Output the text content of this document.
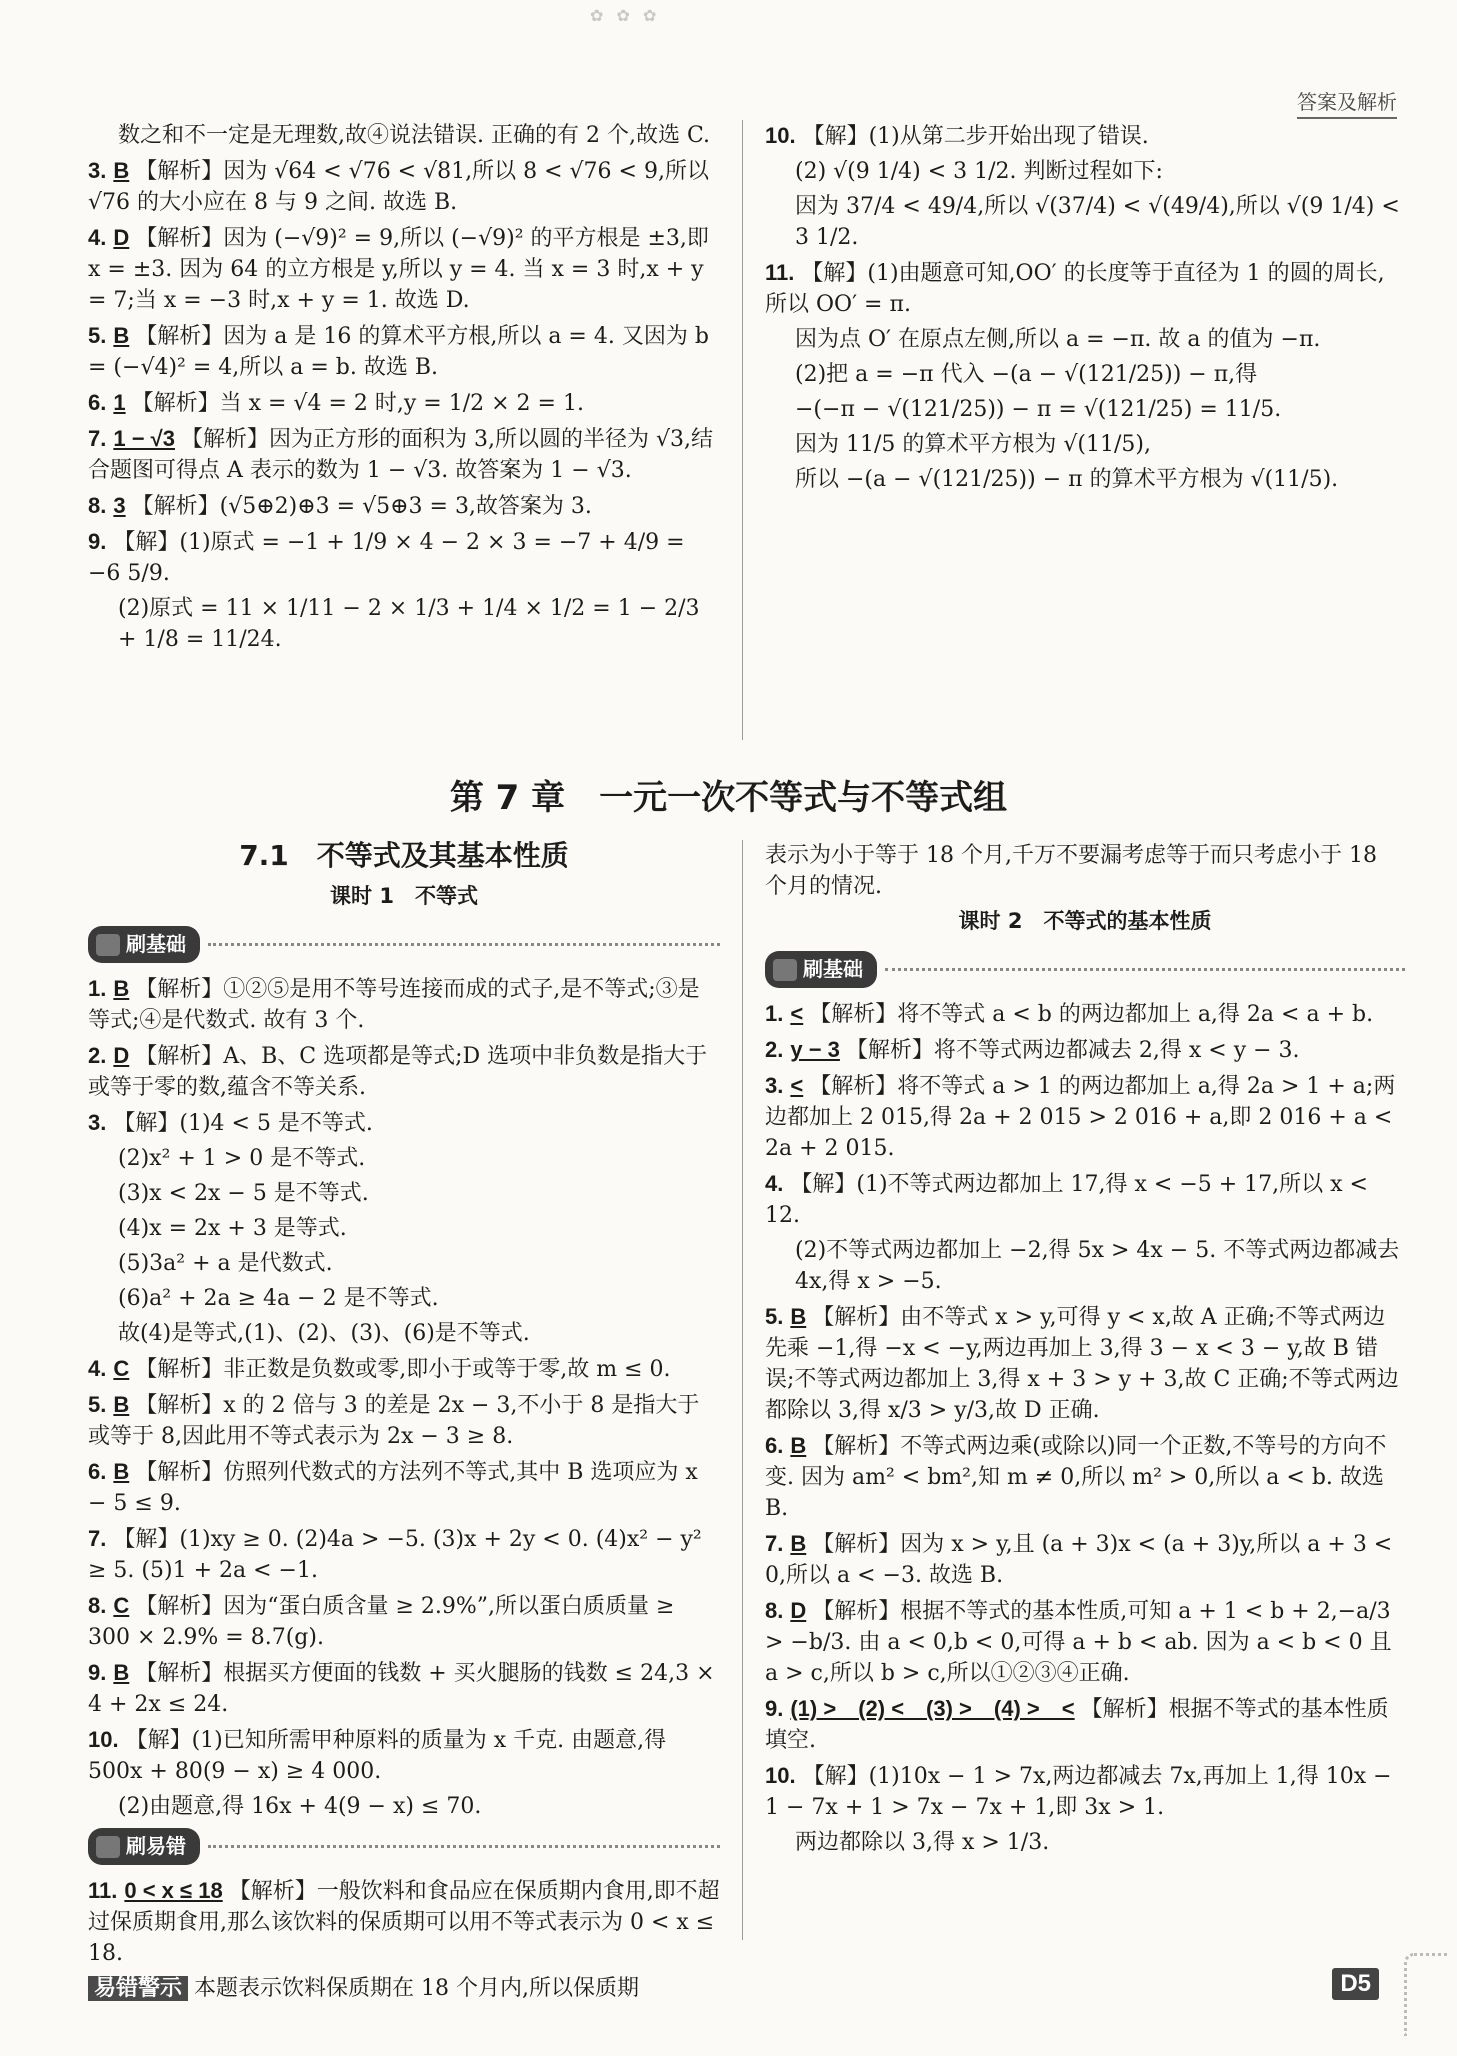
✿ ✿ ✿
答案及解析
数之和不一定是无理数,故④说法错误. 正确的有 2 个,故选 C.
3. B 【解析】因为 √64 < √76 < √81,所以 8 < √76 < 9,所以 √76 的大小应在 8 与 9 之间. 故选 B.
4. D 【解析】因为 (−√9)² = 9,所以 (−√9)² 的平方根是 ±3,即 x = ±3. 因为 64 的立方根是 y,所以 y = 4. 当 x = 3 时,x + y = 7;当 x = −3 时,x + y = 1. 故选 D.
5. B 【解析】因为 a 是 16 的算术平方根,所以 a = 4. 又因为 b = (−√4)² = 4,所以 a = b. 故选 B.
6. 1 【解析】当 x = √4 = 2 时,y = 1/2 × 2 = 1.
7. 1 − √3 【解析】因为正方形的面积为 3,所以圆的半径为 √3,结合题图可得点 A 表示的数为 1 − √3. 故答案为 1 − √3.
8. 3 【解析】(√5⊕2)⊕3 = √5⊕3 = 3,故答案为 3.
9. 【解】(1)原式 = −1 + 1/9 × 4 − 2 × 3 = −7 + 4/9 = −6 5/9.
(2)原式 = 11 × 1/11 − 2 × 1/3 + 1/4 × 1/2 = 1 − 2/3 + 1/8 = 11/24.
10. 【解】(1)从第二步开始出现了错误.
(2) √(9 1/4) < 3 1/2. 判断过程如下:
因为 37/4 < 49/4,所以 √(37/4) < √(49/4),所以 √(9 1/4) < 3 1/2.
11. 【解】(1)由题意可知,OO′ 的长度等于直径为 1 的圆的周长,所以 OO′ = π.
因为点 O′ 在原点左侧,所以 a = −π. 故 a 的值为 −π.
(2)把 a = −π 代入 −(a − √(121/25)) − π,得
−(−π − √(121/25)) − π = √(121/25) = 11/5.
因为 11/5 的算术平方根为 √(11/5),
所以 −(a − √(121/25)) − π 的算术平方根为 √(11/5).
第 7 章　一元一次不等式与不等式组
7.1　不等式及其基本性质
课时 1　不等式
刷基础
1. B 【解析】①②⑤是用不等号连接而成的式子,是不等式;③是等式;④是代数式. 故有 3 个.
2. D 【解析】A、B、C 选项都是等式;D 选项中非负数是指大于或等于零的数,蕴含不等关系.
3. 【解】(1)4 < 5 是不等式.
(2)x² + 1 > 0 是不等式.
(3)x < 2x − 5 是不等式.
(4)x = 2x + 3 是等式.
(5)3a² + a 是代数式.
(6)a² + 2a ≥ 4a − 2 是不等式.
故(4)是等式,(1)、(2)、(3)、(6)是不等式.
4. C 【解析】非正数是负数或零,即小于或等于零,故 m ≤ 0.
5. B 【解析】x 的 2 倍与 3 的差是 2x − 3,不小于 8 是指大于或等于 8,因此用不等式表示为 2x − 3 ≥ 8.
6. B 【解析】仿照列代数式的方法列不等式,其中 B 选项应为 x − 5 ≤ 9.
7. 【解】(1)xy ≥ 0. (2)4a > −5. (3)x + 2y < 0. (4)x² − y² ≥ 5. (5)1 + 2a < −1.
8. C 【解析】因为“蛋白质含量 ≥ 2.9%”,所以蛋白质质量 ≥ 300 × 2.9% = 8.7(g).
9. B 【解析】根据买方便面的钱数 + 买火腿肠的钱数 ≤ 24,3 × 4 + 2x ≤ 24.
10. 【解】(1)已知所需甲种原料的质量为 x 千克. 由题意,得 500x + 80(9 − x) ≥ 4 000.
(2)由题意,得 16x + 4(9 − x) ≤ 70.
刷易错
11. 0 < x ≤ 18 【解析】一般饮料和食品应在保质期内食用,即不超过保质期食用,那么该饮料的保质期可以用不等式表示为 0 < x ≤ 18.
易错警示 本题表示饮料保质期在 18 个月内,所以保质期
表示为小于等于 18 个月,千万不要漏考虑等于而只考虑小于 18 个月的情况.
课时 2　不等式的基本性质
刷基础
1. < 【解析】将不等式 a < b 的两边都加上 a,得 2a < a + b.
2. y − 3 【解析】将不等式两边都减去 2,得 x < y − 3.
3. < 【解析】将不等式 a > 1 的两边都加上 a,得 2a > 1 + a;两边都加上 2 015,得 2a + 2 015 > 2 016 + a,即 2 016 + a < 2a + 2 015.
4. 【解】(1)不等式两边都加上 17,得 x < −5 + 17,所以 x < 12.
(2)不等式两边都加上 −2,得 5x > 4x − 5. 不等式两边都减去 4x,得 x > −5.
5. B 【解析】由不等式 x > y,可得 y < x,故 A 正确;不等式两边先乘 −1,得 −x < −y,两边再加上 3,得 3 − x < 3 − y,故 B 错误;不等式两边都加上 3,得 x + 3 > y + 3,故 C 正确;不等式两边都除以 3,得 x/3 > y/3,故 D 正确.
6. B 【解析】不等式两边乘(或除以)同一个正数,不等号的方向不变. 因为 am² < bm²,知 m ≠ 0,所以 m² > 0,所以 a < b. 故选 B.
7. B 【解析】因为 x > y,且 (a + 3)x < (a + 3)y,所以 a + 3 < 0,所以 a < −3. 故选 B.
8. D 【解析】根据不等式的基本性质,可知 a + 1 < b + 2,−a/3 > −b/3. 由 a < 0,b < 0,可得 a + b < ab. 因为 a < b < 0 且 a > c,所以 b > c,所以①②③④正确.
9. (1) >　(2) <　(3) >　(4) >　< 【解析】根据不等式的基本性质填空.
10. 【解】(1)10x − 1 > 7x,两边都减去 7x,再加上 1,得 10x − 1 − 7x + 1 > 7x − 7x + 1,即 3x > 1.
两边都除以 3,得 x > 1/3.
D5
